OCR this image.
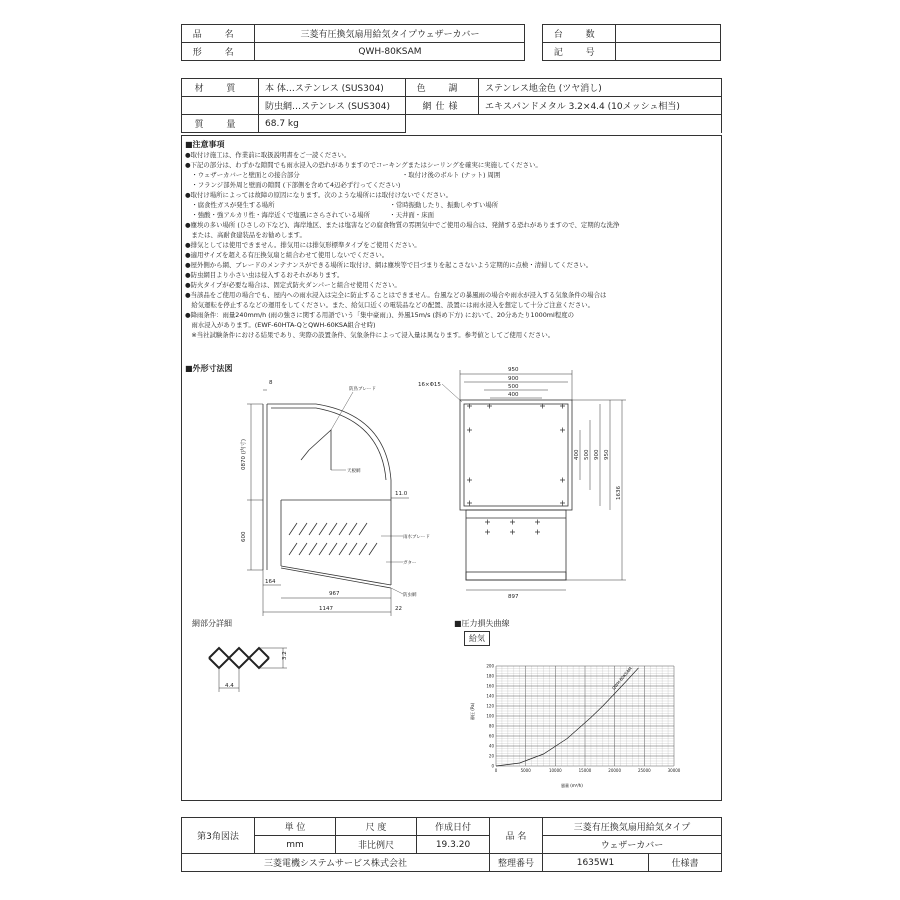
品 名	三菱有圧換気扇用給気タイプウェザーカバー		台 数	
形 名	QWH-80KSAM		記 号	
材 質	本 体…ステンレス (SUS304)	色 調	ステンレス地金色 (ツヤ消し)
	防虫網…ステンレス (SUS304)	網仕様	エキスパンドメタル 3.2×4.4 (10メッシュ相当)
質 量	68.7 kg		
■注意事項
●取付け施工は、作業前に取扱説明書をご一読ください。
●下記の部分は、わずかな隙間でも雨水浸入の恐れがありますのでコーキングまたはシーリングを確実に実施してください。
　・ウェザーカバーと壁面との接合部分　　　　　　　　　　　　　　　　・取付け後のボルト (ナット) 周囲
　・フランジ部外周と壁面の隙間 (下部側を含めて4辺必ず行ってください)
●取付け場所によっては故障の原因になります。次のような場所には取付けないでください。
　・腐食性ガスが発生する場所　　　　　　　　　　　　　　　　　　・常時振動したり、振動しやすい場所
　・強酸・強アルカリ性・海岸近くで塩風にさらされている場所　　　・天井面・床面
●塵埃の多い場所 (ひさしの下など)、海岸地区、または塩害などの腐食物質の雰囲気中でご使用の場合は、発錆する恐れがありますので、定期的な洗浄
　または、高耐食建装品をお勧めします。
●排気としては使用できません。排気用には排気形標準タイプをご使用ください。
●適用サイズを超える有圧換気扇と組合わせて使用しないでください。
●屋外側から網、ブレードのメンテナンスができる場所に取付け、網は塵埃等で目づまりを起こさないよう定期的に点検・清掃してください。
●防虫網目より小さい虫は侵入するおそれがあります。
●防火タイプが必要な場合は、固定式防火ダンパーと組合せ使用ください。
●当該品をご使用の場合でも、屋内への雨水浸入は完全に防止することはできません。台風などの暴風雨の場合や雨水が浸入する気象条件の場合は
　給気運転を停止するなどの運用をしてください。また、給気口近くの電装品などの配置、設置には雨水浸入を想定して十分ご注意ください。
●降雨条件：雨量240mm/h (雨の強さに関する用語でいう「集中豪雨」)、外風15m/s (斜め下方) において、20分あたり1000ml程度の
　雨水浸入があります。(EWF-60HTA-QとQWH-60KSA組合せ時)
　※当社試験条件における結果であり、実際の設置条件、気象条件によって浸入量は異なります。参考値としてご使用ください。
■外形寸法図
8
0870 (内寸)
600
11.0
164
967
1147	22
防鳥ブレード
天板網
雨水ブレード
ガター
防虫網
16×Φ15
950
900
500
400
400 500 900 950
1636
897
網部分詳細
3.2
4.4
■圧力損失曲線
給気
0	5000	10000	15000	20000	25000	30000
0
20
40
60
80
100
120
140
160
180
200
静圧 (Pa)
風量 (m³/h)
QWH-80KSAM
第3角図法	単 位	尺 度	作成日付	品 名	三菱有圧換気扇用給気タイプ	
	mm	非比例尺	19.3.20		ウェザーカバー	
三菱電機システムサービス株式会社				整理番号	1635W1	仕様書
